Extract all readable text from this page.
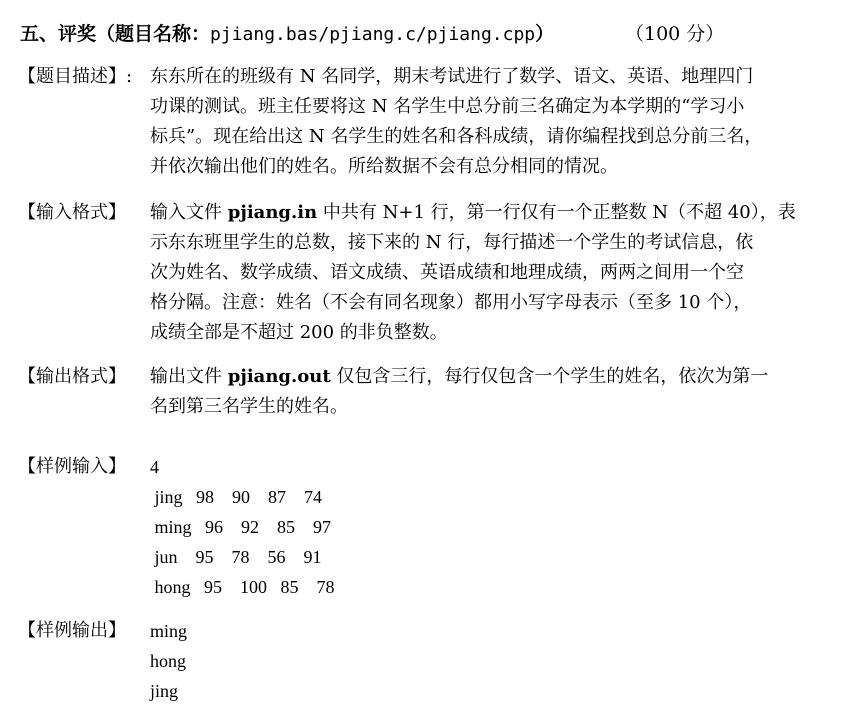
五、评奖（题目名称：pjiang.bas/pjiang.c/pjiang.cpp）	（100 分）
【题目描述】: 东东所在的班级有 N 名同学，期末考试进行了数学、语文、英语、地理四门
功课的测试。班主任要将这 N 名学生中总分前三名确定为本学期的“学习小
标兵”。现在给出这 N 名学生的姓名和各科成绩，请你编程找到总分前三名，
并依次输出他们的姓名。所给数据不会有总分相同的情况。
【输入格式】 输入文件 pjiang.in 中共有 N+1 行，第一行仅有一个正整数 N（不超 40），表
示东东班里学生的总数，接下来的 N 行，每行描述一个学生的考试信息，依
次为姓名、数学成绩、语文成绩、英语成绩和地理成绩，两两之间用一个空
格分隔。注意：姓名（不会有同名现象）都用小写字母表示（至多 10 个），
成绩全部是不超过 200 的非负整数。
【输出格式】 输出文件 pjiang.out 仅包含三行，每行仅包含一个学生的姓名，依次为第一
名到第三名学生的姓名。
【样例输入】 4
jing   98    90    87    74
ming   96    92    85    97
jun    95    78    56    91
hong   95    100   85    78
【样例输出】 ming
hong
jing
